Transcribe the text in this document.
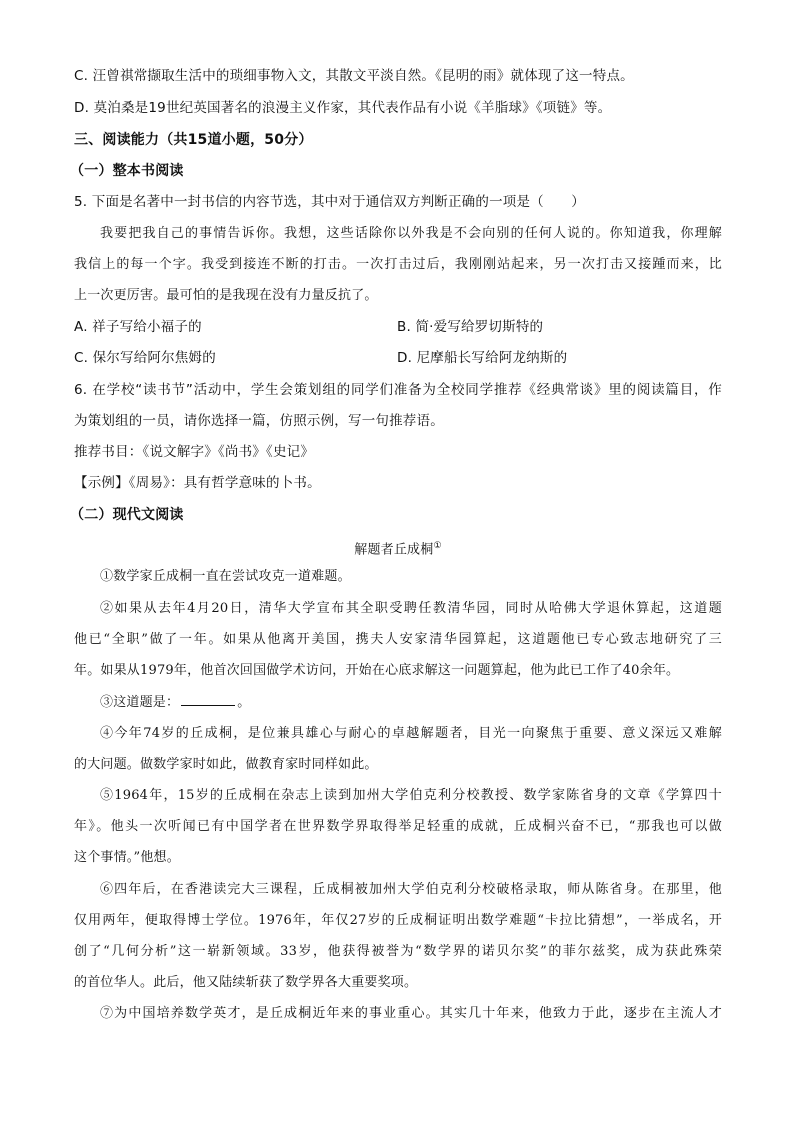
C. 汪曾祺常撷取生活中的琐细事物入文，其散文平淡自然。《昆明的雨》就体现了这一特点。
D. 莫泊桑是19世纪英国著名的浪漫主义作家，其代表作品有小说《羊脂球》《项链》等。
三、阅读能力（共15道小题，50分）
（一）整本书阅读
5. 下面是名著中一封书信的内容节选，其中对于通信双方判断正确的一项是（　　）
我要把我自己的事情告诉你。我想，这些话除你以外我是不会向别的任何人说的。你知道我，你理解
我信上的每一个字。我受到接连不断的打击。一次打击过后，我刚刚站起来，另一次打击又接踵而来，比
上一次更厉害。最可怕的是我现在没有力量反抗了。
A. 祥子写给小福子的	B. 简·爱写给罗切斯特的
C. 保尔写给阿尔焦姆的	D. 尼摩船长写给阿龙纳斯的
6. 在学校“读书节”活动中，学生会策划组的同学们准备为全校同学推荐《经典常谈》里的阅读篇目，作
为策划组的一员，请你选择一篇，仿照示例，写一句推荐语。
推荐书目：《说文解字》《尚书》《史记》
【示例】《周易》：具有哲学意味的卜书。
（二）现代文阅读
解题者丘成桐①
①数学家丘成桐一直在尝试攻克一道难题。
②如果从去年4月20日，清华大学宣布其全职受聘任教清华园，同时从哈佛大学退休算起，这道题
他已“全职”做了一年。如果从他离开美国，携夫人安家清华园算起，这道题他已专心致志地研究了三
年。如果从1979年，他首次回国做学术访问，开始在心底求解这一问题算起，他为此已工作了40余年。
③这道题是：	。
④今年74岁的丘成桐，是位兼具雄心与耐心的卓越解题者，目光一向聚焦于重要、意义深远又难解
的大问题。做数学家时如此，做教育家时同样如此。
⑤1964年，15岁的丘成桐在杂志上读到加州大学伯克利分校教授、数学家陈省身的文章《学算四十
年》。他头一次听闻已有中国学者在世界数学界取得举足轻重的成就，丘成桐兴奋不已，“那我也可以做
这个事情。”他想。
⑥四年后，在香港读完大三课程，丘成桐被加州大学伯克利分校破格录取，师从陈省身。在那里，他
仅用两年，便取得博士学位。1976年，年仅27岁的丘成桐证明出数学难题“卡拉比猜想”，一举成名，开
创了“几何分析”这一崭新领域。33岁，他获得被誉为“数学界的诺贝尔奖”的菲尔兹奖，成为获此殊荣
的首位华人。此后，他又陆续斩获了数学界各大重要奖项。
⑦为中国培养数学英才，是丘成桐近年来的事业重心。其实几十年来，他致力于此，逐步在主流人才
